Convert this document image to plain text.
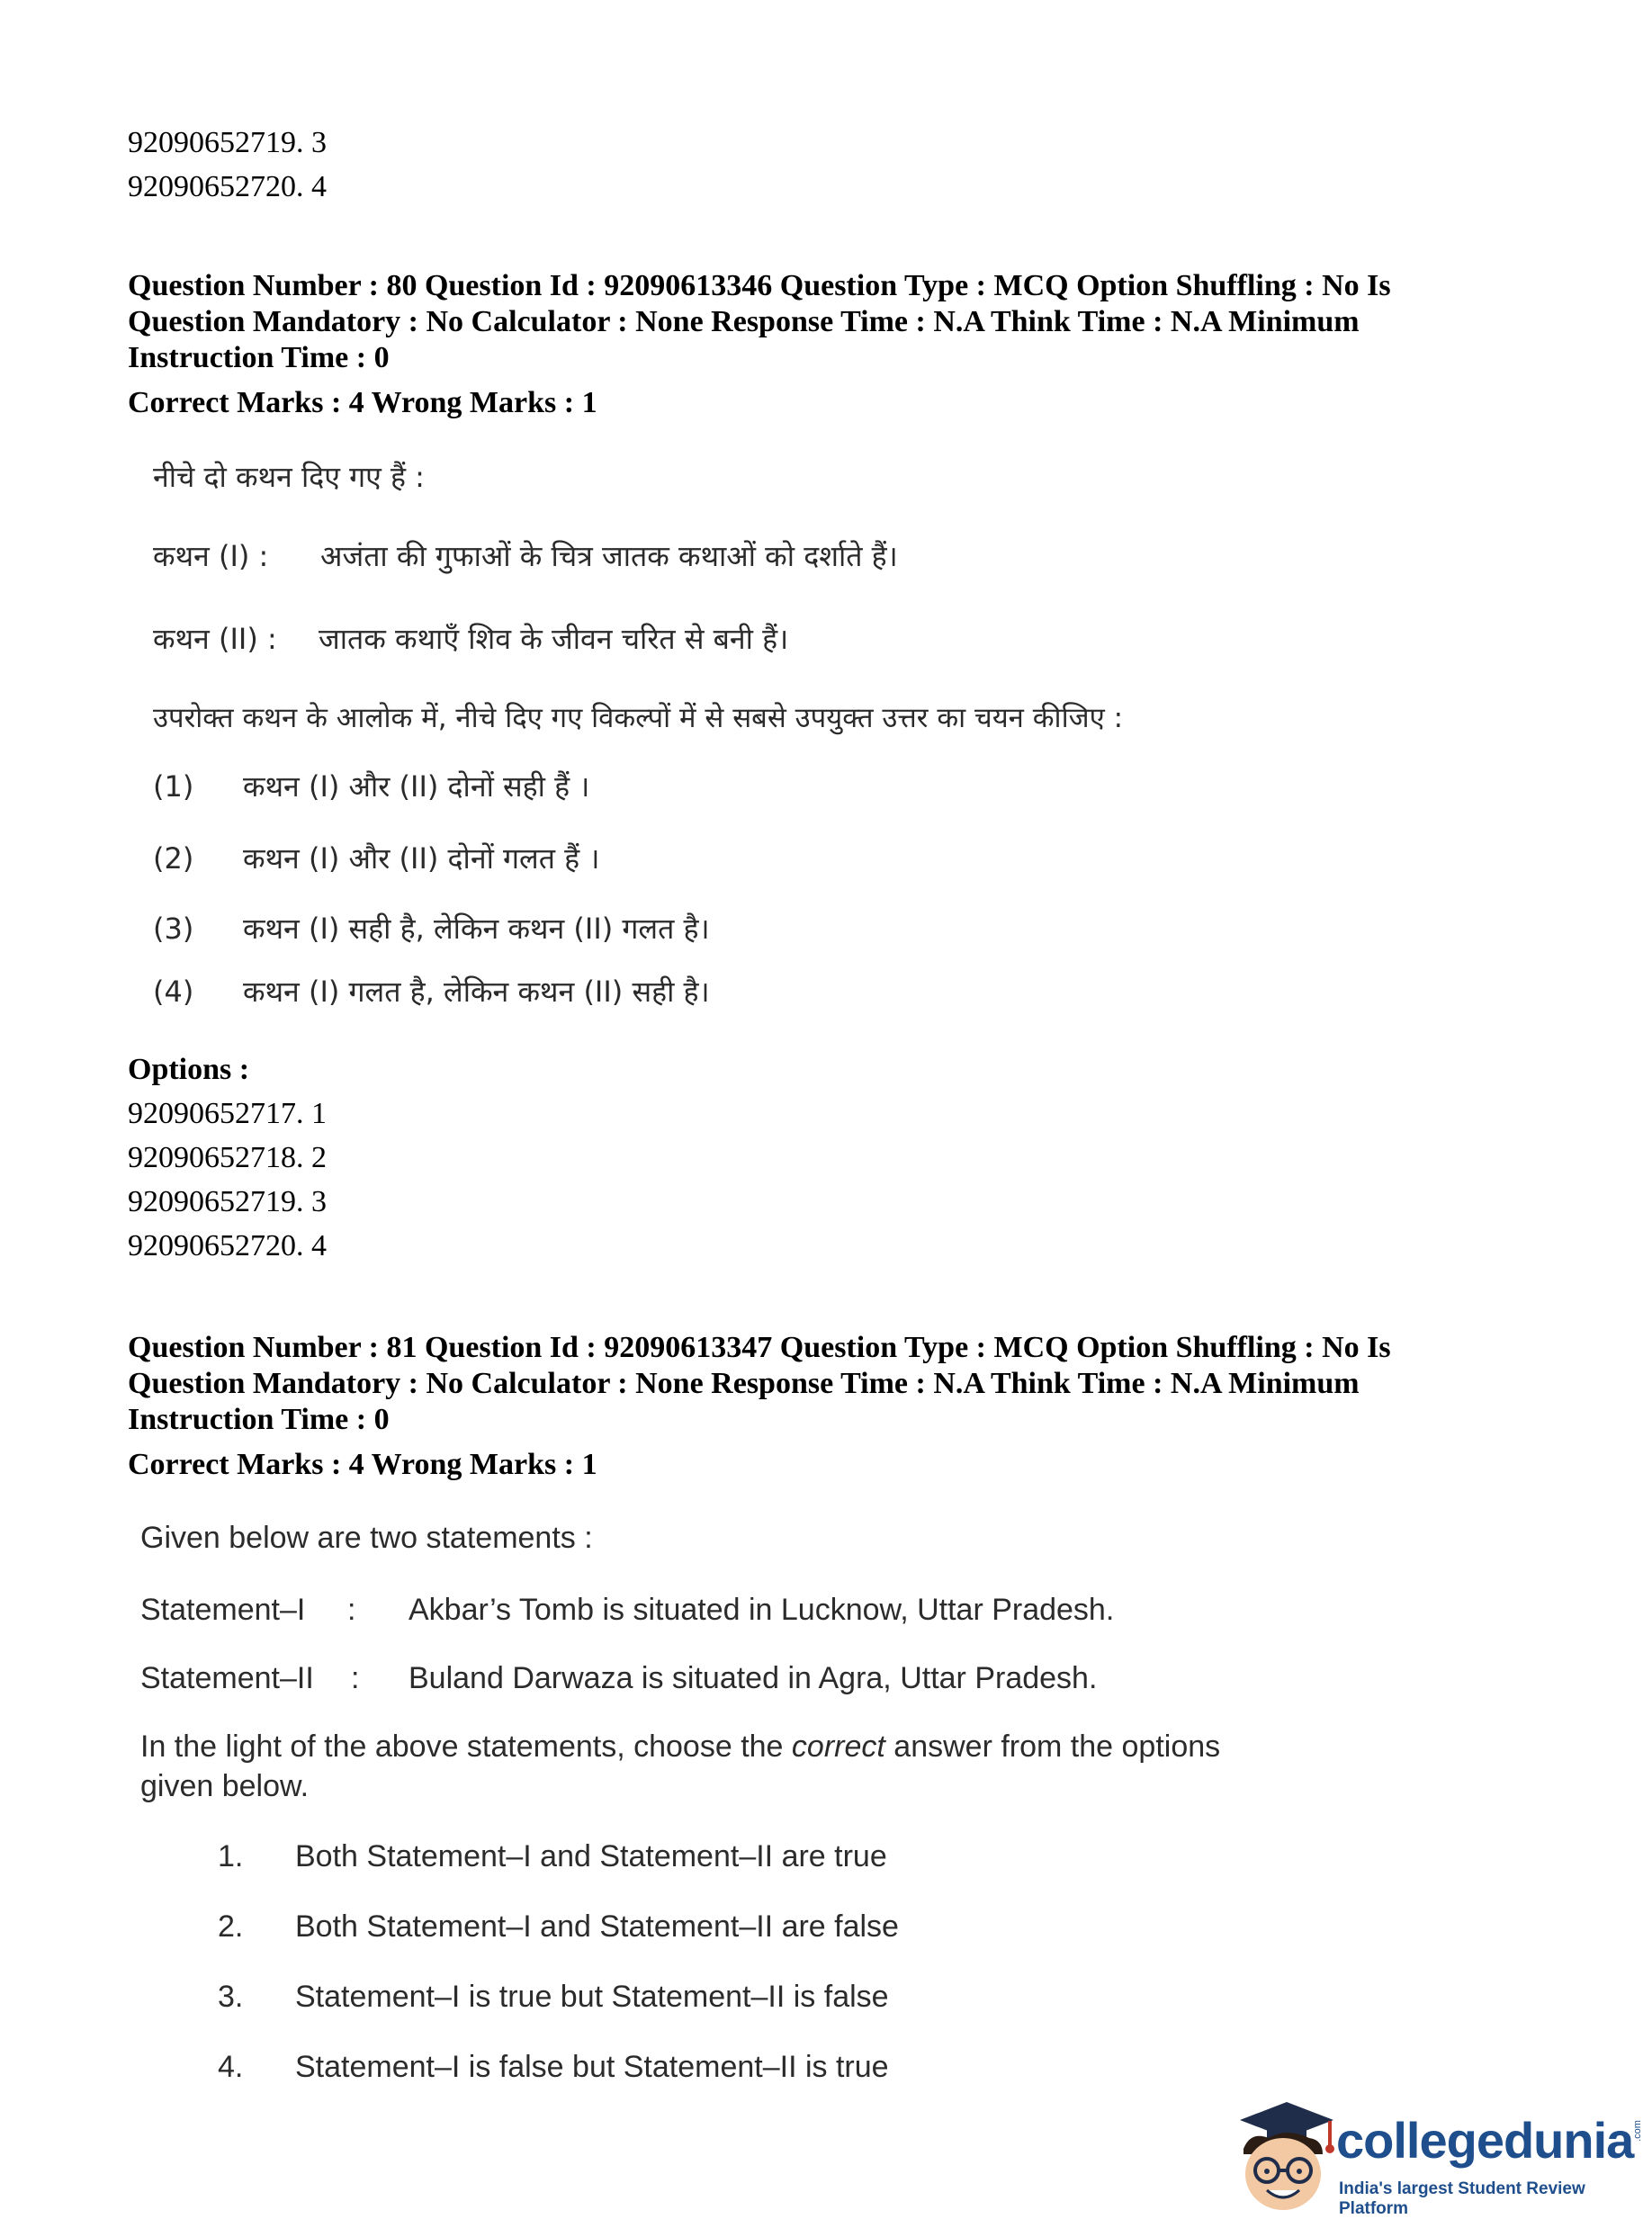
92090652719. 3
92090652720. 4
Question Number : 80 Question Id : 92090613346 Question Type : MCQ Option Shuffling : No Is
Question Mandatory : No Calculator : None Response Time : N.A Think Time : N.A Minimum
Instruction Time : 0
Correct Marks : 4 Wrong Marks : 1
नीचे दो कथन दिए गए हैं :
कथन (I) : अजंता की गुफाओं के चित्र जातक कथाओं को दर्शाते हैं।
कथन (II) : जातक कथाएँ शिव के जीवन चरित से बनी हैं।
उपरोक्त कथन के आलोक में, नीचे दिए गए विकल्पों में से सबसे उपयुक्त उत्तर का चयन कीजिए :
(1) कथन (I) और (II) दोनों सही हैं ।
(2) कथन (I) और (II) दोनों गलत हैं ।
(3) कथन (I) सही है, लेकिन कथन (II) गलत है।
(4) कथन (I) गलत है, लेकिन कथन (II) सही है।
Options :
92090652717. 1
92090652718. 2
92090652719. 3
92090652720. 4
Question Number : 81 Question Id : 92090613347 Question Type : MCQ Option Shuffling : No Is
Question Mandatory : No Calculator : None Response Time : N.A Think Time : N.A Minimum
Instruction Time : 0
Correct Marks : 4 Wrong Marks : 1
Given below are two statements :
Statement–I : Akbar’s Tomb is situated in Lucknow, Uttar Pradesh.
Statement–II : Buland Darwaza is situated in Agra, Uttar Pradesh.
In the light of the above statements, choose the correct answer from the options
given below.
1. Both Statement–I and Statement–II are true
2. Both Statement–I and Statement–II are false
3. Statement–I is true but Statement–II is false
4. Statement–I is false but Statement–II is true
collegedunia
.com
India's largest Student Review Platform
